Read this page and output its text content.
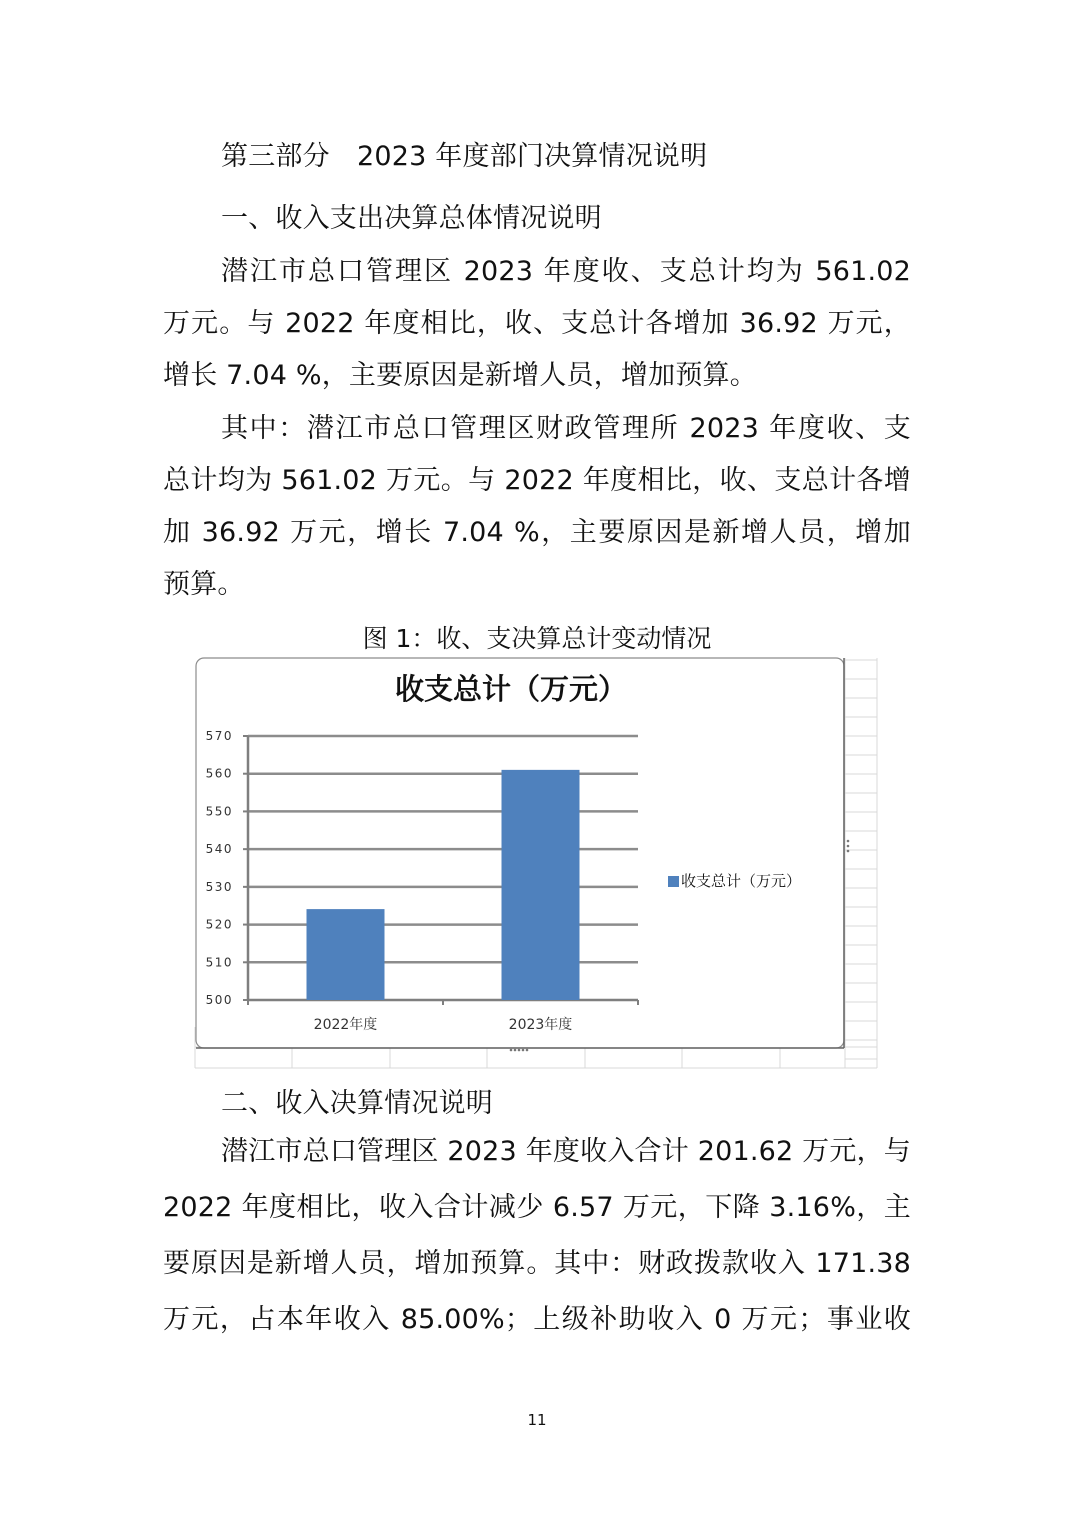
第三部分　2023 年度部门决算情况说明
一、收入支出决算总体情况说明
潜江市总口管理区 2023 年度收、支总计均为 561.02
万元。与 2022 年度相比，收、支总计各增加 36.92 万元，
增长 7.04 %，主要原因是新增人员，增加预算。
其中：潜江市总口管理区财政管理所 2023 年度收、支
总计均为 561.02 万元。与 2022 年度相比，收、支总计各增
加 36.92 万元，增长 7.04 %，主要原因是新增人员，增加
预算。
图 1：收、支决算总计变动情况
收支总计（万元）
500
510
520
530
540
550
560
570
2022年度	2023年度
收支总计（万元）
二、收入决算情况说明
潜江市总口管理区 2023 年度收入合计 201.62 万元，与
2022 年度相比，收入合计减少 6.57 万元，下降 3.16%，主
要原因是新增人员，增加预算。其中：财政拨款收入 171.38
万元，占本年收入 85.00%；上级补助收入 0 万元；事业收
11
